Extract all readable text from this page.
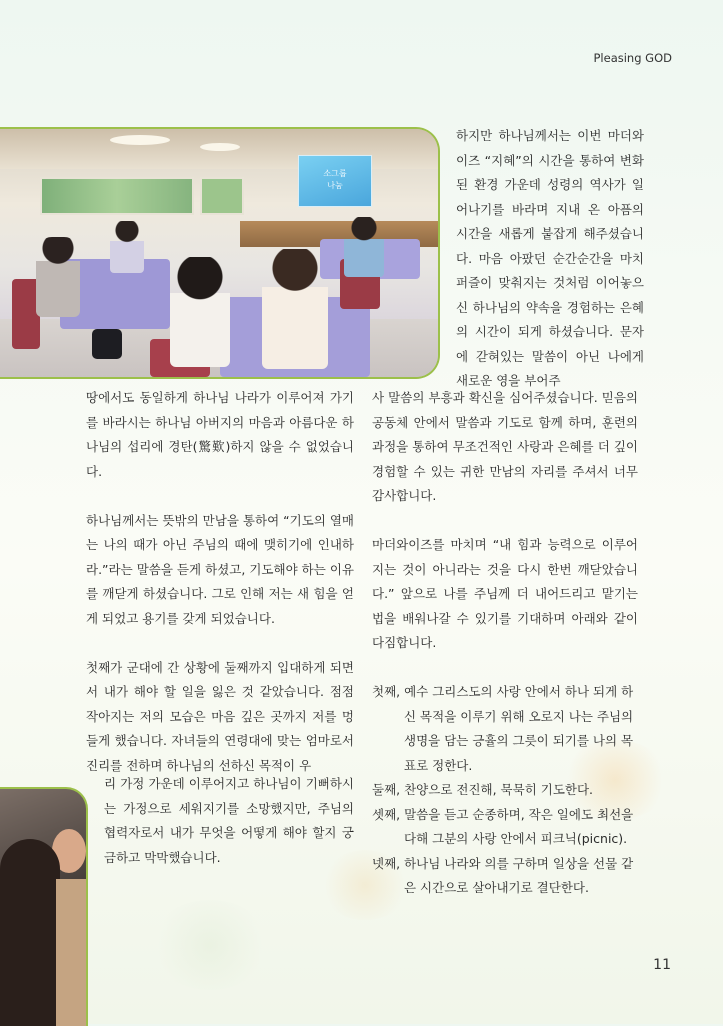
Pleasing GOD
소그룹
나눔
하지만 하나님께서는 이번 마더와이즈 “지혜”의 시간을 통하여 변화된 환경 가운데 성령의 역사가 일어나기를 바라며 지내 온 아픔의 시간을 새롭게 붙잡게 해주셨습니다. 마음 아팠던 순간순간을 마치 퍼즐이 맞춰지는 것처럼 이어놓으신 하나님의 약속을 경험하는 은혜의 시간이 되게 하셨습니다. 문자에 갇혀있는 말씀이 아닌 나에게 새로운 영을 부어주

땅에서도 동일하게 하나님 나라가 이루어져 가기를 바라시는 하나님 아버지의 마음과 아름다운 하나님의 섭리에 경탄(驚歎)하지 않을 수 없었습니다.

하나님께서는 뜻밖의 만남을 통하여 “기도의 열매는 나의 때가 아닌 주님의 때에 맺히기에 인내하라.”라는 말씀을 듣게 하셨고, 기도해야 하는 이유를 깨닫게 하셨습니다. 그로 인해 저는 새 힘을 얻게 되었고 용기를 갖게 되었습니다.

첫째가 군대에 간 상황에 둘째까지 입대하게 되면서 내가 해야 할 일을 잃은 것 같았습니다. 점점 작아지는 저의 모습은 마음 깊은 곳까지 저를 멍들게 했습니다. 자녀들의 연령대에 맞는 엄마로서 진리를 전하며 하나님의 선하신 목적이 우

리 가정 가운데 이루어지고 하나님이 기뻐하시는 가정으로 세워지기를 소망했지만, 주님의 협력자로서 내가 무엇을 어떻게 해야 할지 궁금하고 막막했습니다.

사 말씀의 부흥과 확신을 심어주셨습니다. 믿음의 공동체 안에서 말씀과 기도로 함께 하며, 훈련의 과정을 통하여 무조건적인 사랑과 은혜를 더 깊이 경험할 수 있는 귀한 만남의 자리를 주셔서 너무 감사합니다.

마더와이즈를 마치며 “내 힘과 능력으로 이루어지는 것이 아니라는 것을 다시 한번 깨닫았습니다.” 앞으로 나를 주님께 더 내어드리고 맡기는 법을 배워나갈 수 있기를 기대하며 아래와 같이 다짐합니다.

첫째, 예수 그리스도의 사랑 안에서 하나 되게 하
신 목적을 이루기 위해 오로지 나는 주님의
생명을 담는 긍휼의 그릇이 되기를 나의 목
표로 정한다.
둘째, 찬양으로 전진해, 묵묵히 기도한다.
셋째, 말씀을 듣고 순종하며, 작은 일에도 최선을
다해 그분의 사랑 안에서 피크닉(picnic).
넷째, 하나님 나라와 의를 구하며 일상을 선물 같
은 시간으로 살아내기로 결단한다.
11
